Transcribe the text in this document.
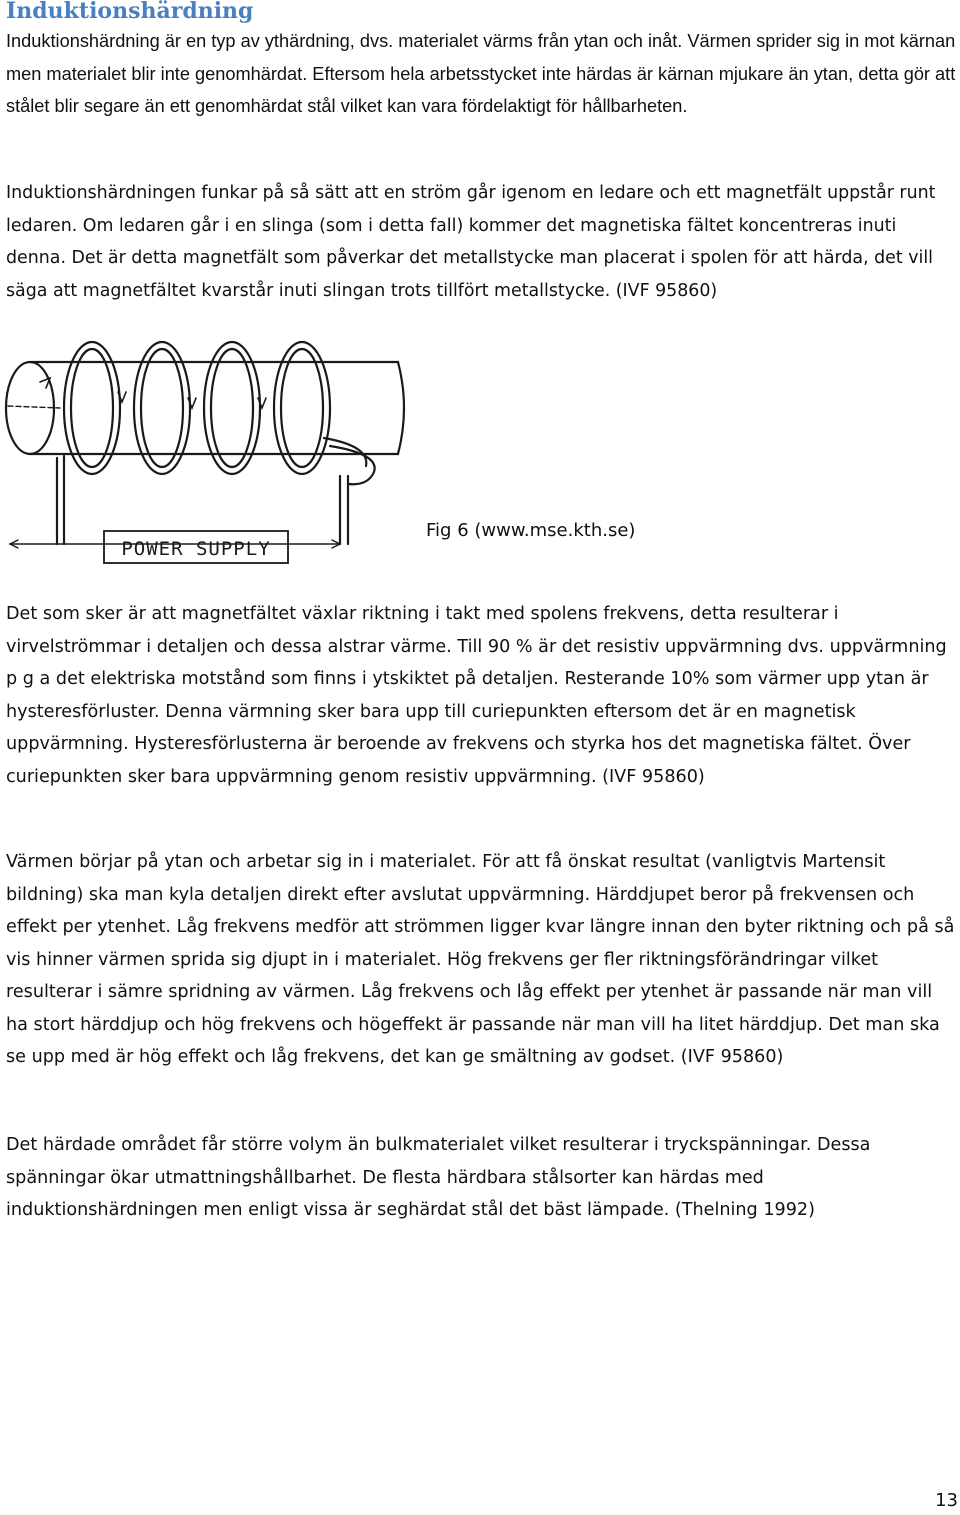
Induktionshärdning

Induktionshärdning är en typ av ythärdning, dvs. materialet värms från ytan och inåt. Värmen sprider sig in mot kärnan men materialet blir inte genomhärdat. Eftersom hela arbetsstycket inte härdas är kärnan mjukare än ytan, detta gör att stålet blir segare än ett genomhärdat stål vilket kan vara fördelaktigt för hållbarheten.

Induktionshärdningen funkar på så sätt att en ström går igenom en ledare och ett magnetfält uppstår runt ledaren. Om ledaren går i en slinga (som i detta fall) kommer det magnetiska fältet koncentreras inuti denna. Det är detta magnetfält som påverkar det metallstycke man placerat i spolen för att härda, det vill säga att magnetfältet kvarstår inuti slingan trots tillfört metallstycke. (IVF 95860)

POWER SUPPLY

Fig 6 (www.mse.kth.se)

Det som sker är att magnetfältet växlar riktning i takt med spolens frekvens, detta resulterar i virvelströmmar i detaljen och dessa alstrar värme. Till 90 % är det resistiv uppvärmning dvs. uppvärmning p g a det elektriska motstånd som finns i ytskiktet på detaljen. Resterande 10% som värmer upp ytan är hysteresförluster. Denna värmning sker bara upp till curiepunkten eftersom det är en magnetisk uppvärmning. Hysteresförlusterna är beroende av frekvens och styrka hos det magnetiska fältet. Över curiepunkten sker bara uppvärmning genom resistiv uppvärmning. (IVF 95860)

Värmen börjar på ytan och arbetar sig in i materialet. För att få önskat resultat (vanligtvis Martensit bildning) ska man kyla detaljen direkt efter avslutat uppvärmning. Härddjupet beror på frekvensen och effekt per ytenhet. Låg frekvens medför att strömmen ligger kvar längre innan den byter riktning och på så vis hinner värmen sprida sig djupt in i materialet. Hög frekvens ger fler riktningsförändringar vilket resulterar i sämre spridning av värmen. Låg frekvens och låg effekt per ytenhet är passande när man vill ha stort härddjup och hög frekvens och högeffekt är passande när man vill ha litet härddjup. Det man ska se upp med är hög effekt och låg frekvens, det kan ge smältning av godset. (IVF 95860)

Det härdade området får större volym än bulkmaterialet vilket resulterar i tryckspänningar. Dessa spänningar ökar utmattningshållbarhet. De flesta härdbara stålsorter kan härdas med induktionshärdningen men enligt vissa är seghärdat stål det bäst lämpade. (Thelning 1992)

13
